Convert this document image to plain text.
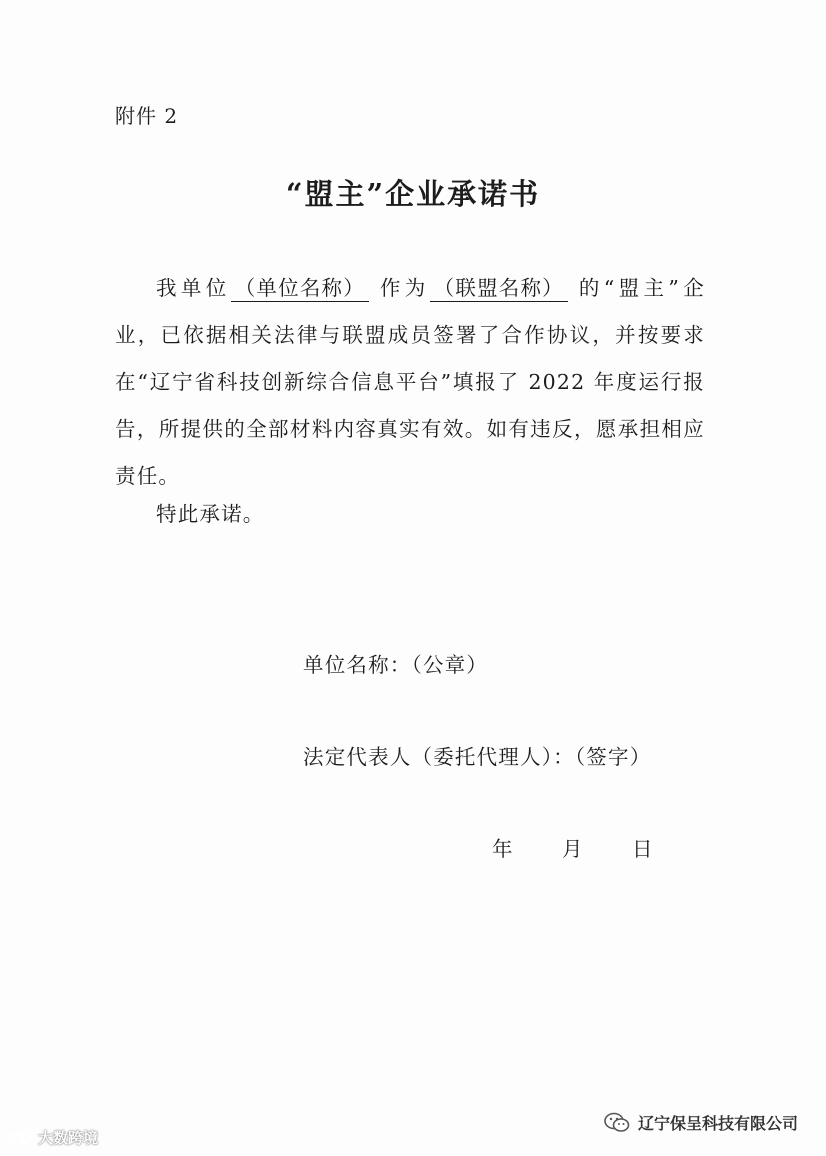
附件 2
“盟主”企业承诺书

我单位 （单位名称） 作为 （联盟名称） 的“盟主”企业，已依据相关法律与联盟成员签署了合作协议，并按要求在“辽宁省科技创新综合信息平台”填报了 2022 年度运行报告，所提供的全部材料内容真实有效。如有违反，愿承担相应责任。

特此承诺。
单位名称：（公章）
法定代表人（委托代理人）：（签字）
年 月 日
大数跨境
辽宁保呈科技有限公司
